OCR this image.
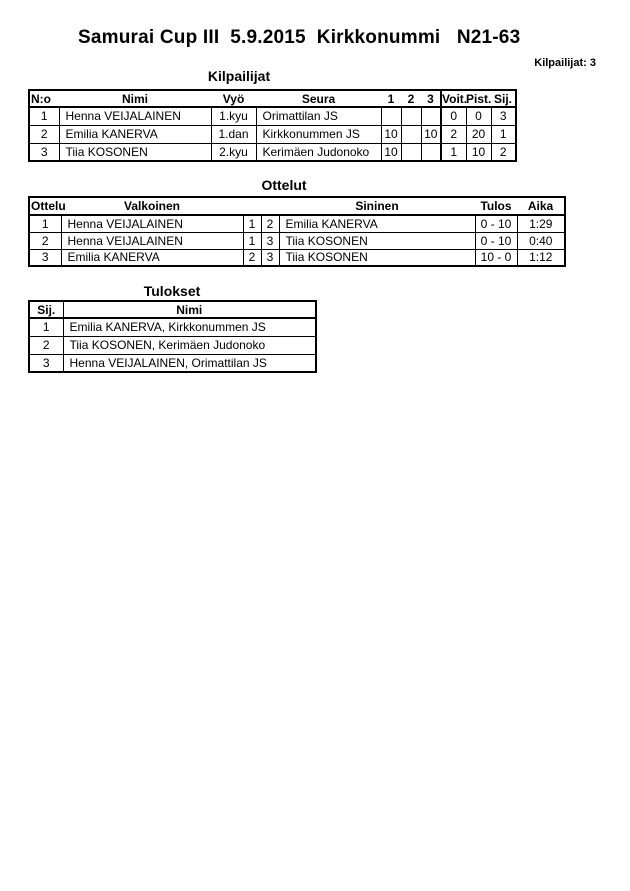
Samurai Cup III  5.9.2015  Kirkkonummi   N21-63
Kilpailijat: 3
Kilpailijat
N:o	Nimi	Vyö	Seura	1	2	3	Voit.	Pist.	Sij.
1	Henna VEIJALAINEN	1.kyu	Orimattilan JS				0	0	3
2	Emilia KANERVA	1.dan	Kirkkonummen JS	10		10	2	20	1
3	Tiia KOSONEN	2.kyu	Kerimäen Judonoko	10			1	10	2
Ottelut
Ottelu	Valkoinen			Sininen	Tulos	Aika
1	Henna VEIJALAINEN	1	2	Emilia KANERVA	0 - 10	1:29
2	Henna VEIJALAINEN	1	3	Tiia KOSONEN	0 - 10	0:40
3	Emilia KANERVA	2	3	Tiia KOSONEN	10 - 0	1:12
Tulokset
Sij.	Nimi
1	Emilia KANERVA, Kirkkonummen JS
2	Tiia KOSONEN, Kerimäen Judonoko
3	Henna VEIJALAINEN, Orimattilan JS
